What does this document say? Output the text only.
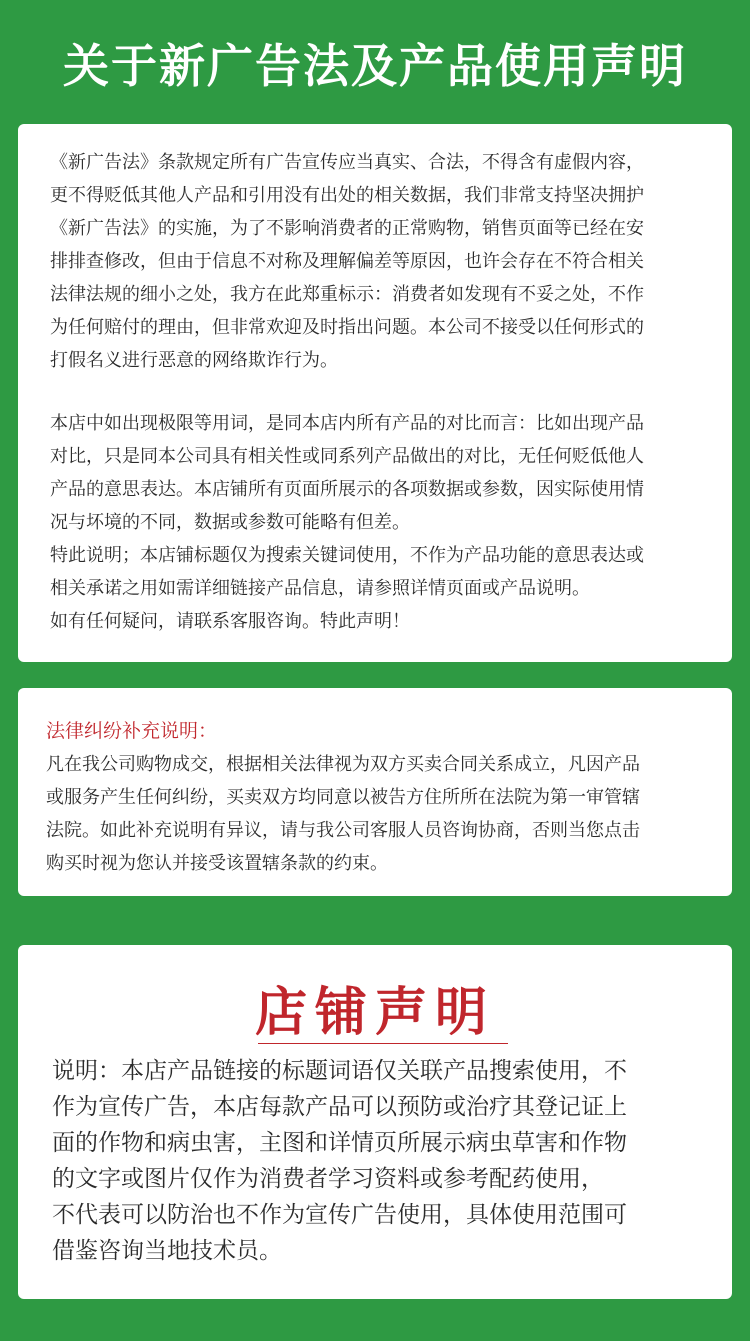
关于新广告法及产品使用声明

《新广告法》条款规定所有广告宣传应当真实、合法，不得含有虚假内容，
更不得贬低其他人产品和引用没有出处的相关数据，我们非常支持坚决拥护
《新广告法》的实施，为了不影响消费者的正常购物，销售页面等已经在安
排排查修改，但由于信息不对称及理解偏差等原因，也许会存在不符合相关
法律法规的细小之处，我方在此郑重标示：消费者如发现有不妥之处，不作
为任何赔付的理由，但非常欢迎及时指出问题。本公司不接受以任何形式的
打假名义进行恶意的网络欺诈行为。

本店中如出现极限等用词，是同本店内所有产品的对比而言：比如出现产品
对比，只是同本公司具有相关性或同系列产品做出的对比，无任何贬低他人
产品的意思表达。本店铺所有页面所展示的各项数据或参数，因实际使用情
况与坏境的不同，数据或参数可能略有但差。
特此说明；本店铺标题仅为搜索关键词使用，不作为产品功能的意思表达或
相关承诺之用如需详细链接产品信息，请参照详情页面或产品说明。
如有任何疑问，请联系客服咨询。特此声明！

法律纠纷补充说明：

凡在我公司购物成交，根据相关法律视为双方买卖合同关系成立，凡因产品
或服务产生任何纠纷，买卖双方均同意以被告方住所所在法院为第一审管辖
法院。如此补充说明有异议，请与我公司客服人员咨询协商，否则当您点击
购买时视为您认并接受该置辖条款的约束。

店铺声明

说明：本店产品链接的标题词语仅关联产品搜索使用，不
作为宣传广告，本店每款产品可以预防或治疗其登记证上
面的作物和病虫害，主图和详情页所展示病虫草害和作物
的文字或图片仅作为消费者学习资料或参考配药使用，
不代表可以防治也不作为宣传广告使用，具体使用范围可
借鉴咨询当地技术员。
